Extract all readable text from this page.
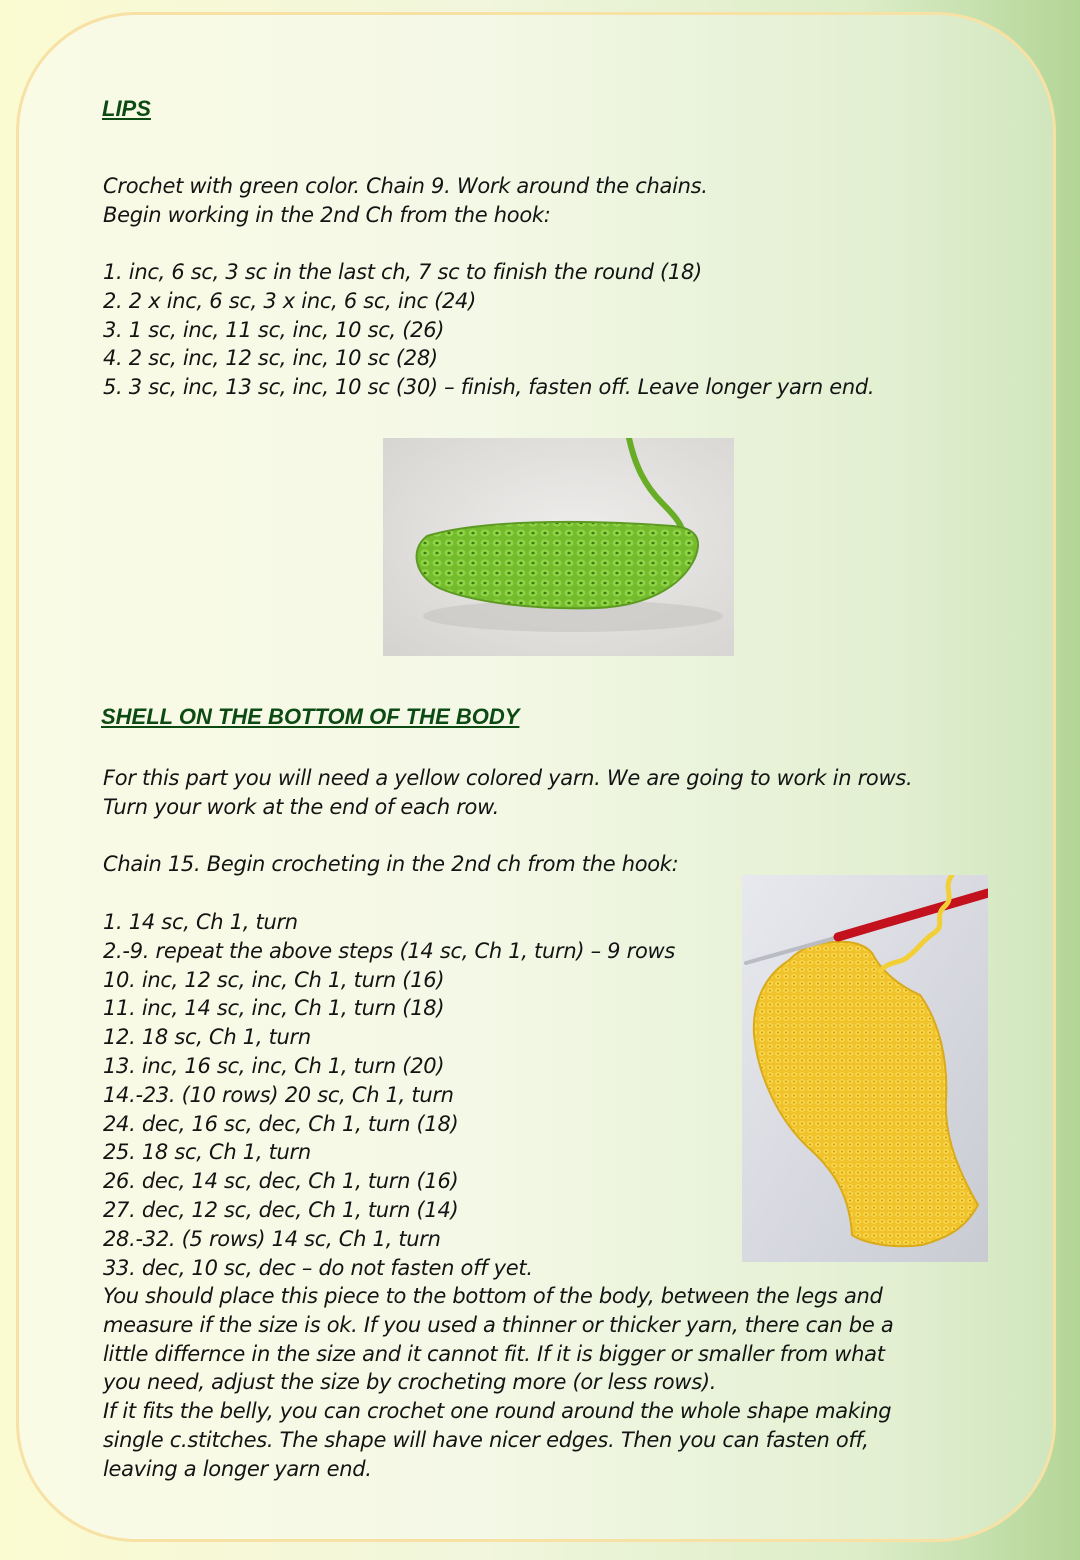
LIPS
Crochet with green color. Chain 9. Work around the chains.
Begin working in the 2nd Ch from the hook:
1. inc, 6 sc, 3 sc in the last ch, 7 sc to finish the round (18)
2. 2 x inc, 6 sc, 3 x inc, 6 sc, inc (24)
3. 1 sc, inc, 11 sc, inc, 10 sc, (26)
4. 2 sc, inc, 12 sc, inc, 10 sc (28)
5. 3 sc, inc, 13 sc, inc, 10 sc (30) – finish, fasten off. Leave longer yarn end.
SHELL ON THE BOTTOM OF THE BODY
For this part you will need a yellow colored yarn. We are going to work in rows.
Turn your work at the end of each row.
Chain 15. Begin crocheting in the 2nd ch from the hook:
1. 14 sc, Ch 1, turn
2.-9. repeat the above steps (14 sc, Ch 1, turn) – 9 rows
10. inc, 12 sc, inc, Ch 1, turn (16)
11. inc, 14 sc, inc, Ch 1, turn (18)
12. 18 sc, Ch 1, turn
13. inc, 16 sc, inc, Ch 1, turn (20)
14.-23. (10 rows) 20 sc, Ch 1, turn
24. dec, 16 sc, dec, Ch 1, turn (18)
25. 18 sc, Ch 1, turn
26. dec, 14 sc, dec, Ch 1, turn (16)
27. dec, 12 sc, dec, Ch 1, turn (14)
28.-32. (5 rows) 14 sc, Ch 1, turn
33. dec, 10 sc, dec – do not fasten off yet.
You should place this piece to the bottom of the body, between the legs and
measure if the size is ok. If you used a thinner or thicker yarn, there can be a
little differnce in the size and it cannot fit. If it is bigger or smaller from what
you need, adjust the size by crocheting more (or less rows).
If it fits the belly, you can crochet one round around the whole shape making
single c.stitches. The shape will have nicer edges. Then you can fasten off,
leaving a longer yarn end.
